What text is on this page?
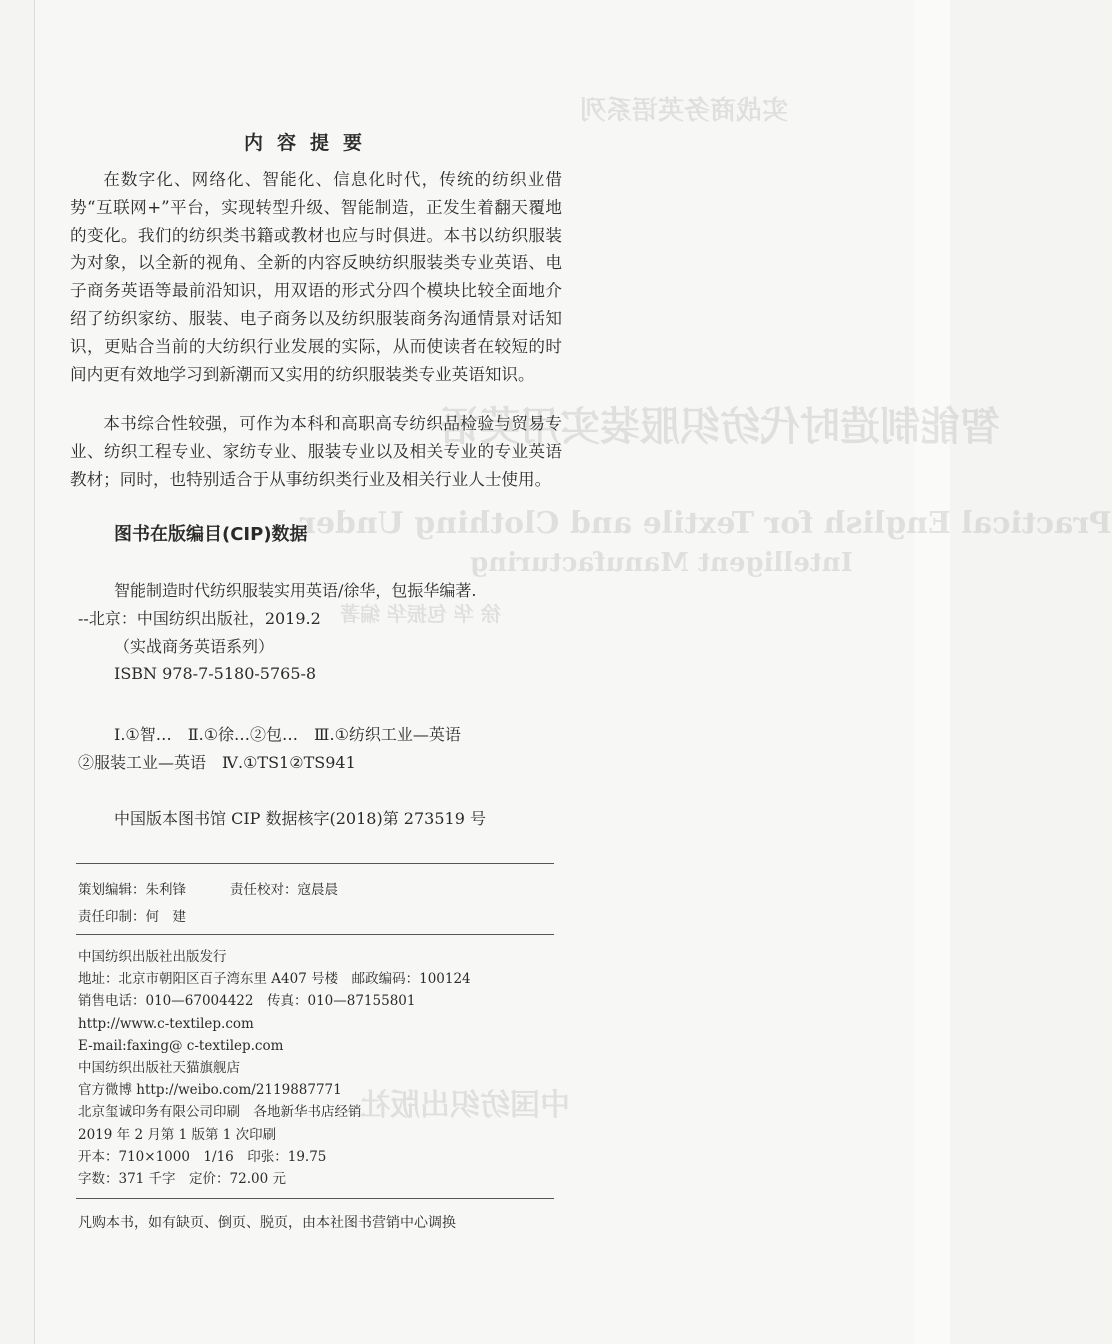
实战商务英语系列
智能制造时代纺织服装实用英语
Practical English for Textile and Clothing Under
Intelligent Manufacturing
徐 华 包振华 编著
中国纺织出版社
内容提要

在数字化、网络化、智能化、信息化时代，传统的纺织业借势“互联网+”平台，实现转型升级、智能制造，正发生着翻天覆地的变化。我们的纺织类书籍或教材也应与时俱进。本书以纺织服装为对象，以全新的视角、全新的内容反映纺织服装类专业英语、电子商务英语等最前沿知识，用双语的形式分四个模块比较全面地介绍了纺织家纺、服装、电子商务以及纺织服装商务沟通情景对话知识，更贴合当前的大纺织行业发展的实际，从而使读者在较短的时间内更有效地学习到新潮而又实用的纺织服装类专业英语知识。

本书综合性较强，可作为本科和高职高专纺织品检验与贸易专业、纺织工程专业、家纺专业、服装专业以及相关专业的专业英语教材；同时，也特别适合于从事纺织类行业及相关行业人士使用。

图书在版编目(CIP)数据
智能制造时代纺织服装实用英语/徐华，包振华编著.
--北京：中国纺织出版社，2019.2
（实战商务英语系列）
ISBN 978-7-5180-5765-8
Ⅰ.①智…　Ⅱ.①徐…②包…　Ⅲ.①纺织工业—英语
②服装工业—英语　Ⅳ.①TS1②TS941
中国版本图书馆 CIP 数据核字(2018)第 273519 号
策划编辑：朱利锋	责任校对：寇晨晨
责任印制：何　建
中国纺织出版社出版发行
地址：北京市朝阳区百子湾东里 A407 号楼　邮政编码：100124
销售电话：010—67004422　传真：010—87155801
http://www.c-textilep.com
E-mail:faxing@ c-textilep.com
中国纺织出版社天猫旗舰店
官方微博 http://weibo.com/2119887771
北京玺诚印务有限公司印刷　各地新华书店经销
2019 年 2 月第 1 版第 1 次印刷
开本：710×1000　1/16　印张：19.75
字数：371 千字　定价：72.00 元
凡购本书，如有缺页、倒页、脱页，由本社图书营销中心调换
